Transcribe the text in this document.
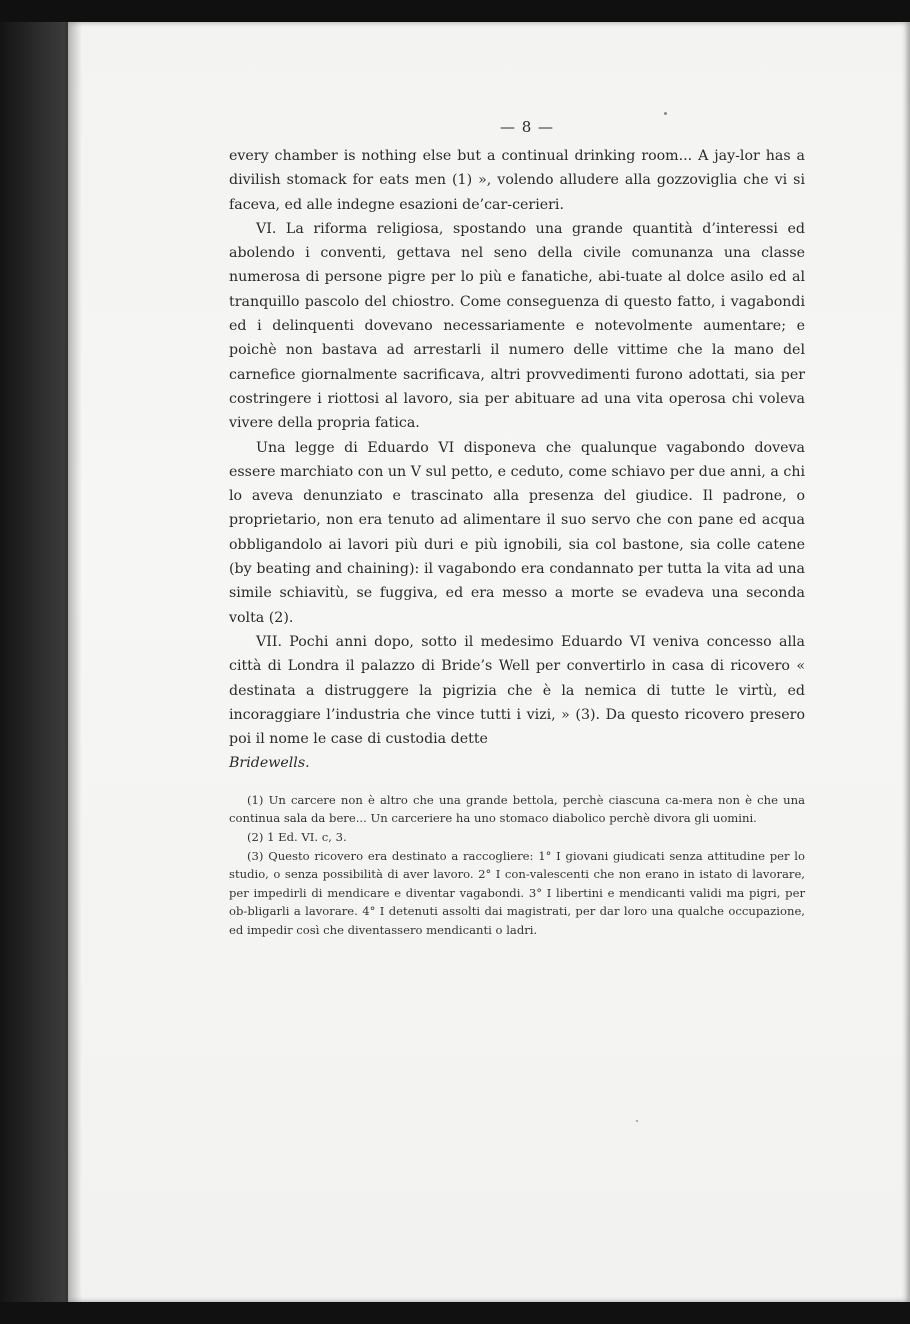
— 8 —

every chamber is nothing else but a continual drinking room... A jay-lor has a divilish stomack for eats men (1) », volendo alludere alla gozzoviglia che vi si faceva, ed alle indegne esazioni de’car-cerieri.

VI. La riforma religiosa, spostando una grande quantità d’interessi ed abolendo i conventi, gettava nel seno della civile comunanza una classe numerosa di persone pigre per lo più e fanatiche, abi-tuate al dolce asilo ed al tranquillo pascolo del chiostro. Come conseguenza di questo fatto, i vagabondi ed i delinquenti dovevano necessariamente e notevolmente aumentare; e poichè non bastava ad arrestarli il numero delle vittime che la mano del carnefice giornalmente sacrificava, altri provvedimenti furono adottati, sia per costringere i riottosi al lavoro, sia per abituare ad una vita operosa chi voleva vivere della propria fatica.

Una legge di Eduardo VI disponeva che qualunque vagabondo doveva essere marchiato con un V sul petto, e ceduto, come schiavo per due anni, a chi lo aveva denunziato e trascinato alla presenza del giudice. Il padrone, o proprietario, non era tenuto ad alimentare il suo servo che con pane ed acqua obbligandolo ai lavori più duri e più ignobili, sia col bastone, sia colle catene (by beating and chaining): il vagabondo era condannato per tutta la vita ad una simile schiavitù, se fuggiva, ed era messo a morte se evadeva una seconda volta (2).

VII. Pochi anni dopo, sotto il medesimo Eduardo VI veniva concesso alla città di Londra il palazzo di Bride’s Well per convertirlo in casa di ricovero « destinata a distruggere la pigrizia che è la nemica di tutte le virtù, ed incoraggiare l’industria che vince tutti i vizi, » (3). Da questo ricovero presero poi il nome le case di custodia dette

Bridewells.

(1) Un carcere non è altro che una grande bettola, perchè ciascuna ca-mera non è che una continua sala da bere... Un carceriere ha uno stomaco diabolico perchè divora gli uomini.

(2) 1 Ed. VI. c, 3.

(3) Questo ricovero era destinato a raccogliere: 1° I giovani giudicati senza attitudine per lo studio, o senza possibilità di aver lavoro. 2° I con-valescenti che non erano in istato di lavorare, per impedirli di mendicare e diventar vagabondi. 3° I libertini e mendicanti validi ma pigri, per ob-bligarli a lavorare. 4° I detenuti assolti dai magistrati, per dar loro una qualche occupazione, ed impedir così che diventassero mendicanti o ladri.
